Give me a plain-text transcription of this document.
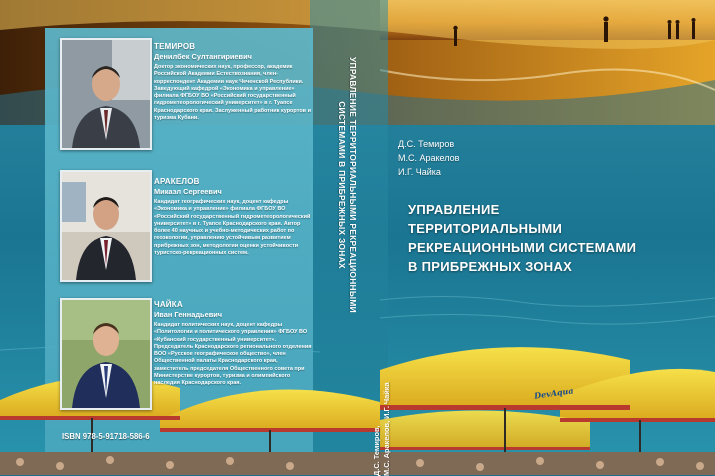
ТЕМИРОВ
Денилбек Султангириевич
Доктор экономических наук, профессор, академик Российской Академии Естествознания, член-корреспондент Академии наук Чеченской Республики. Заведующий кафедрой «Экономика и управление» филиала ФГБОУ ВО «Российский государственный гидрометеорологический университет» в г. Туапсе Краснодарского края. Заслуженный работник курортов и туризма Кубани.
АРАКЕЛОВ
Микаэл Сергеевич
Кандидат географических наук, доцент кафедры «Экономика и управление» филиала ФГБОУ ВО «Российский государственный гидрометеорологический университет» в г. Туапсе Краснодарского края. Автор более 40 научных и учебно-методических работ по геоэкологии, управлению устойчивым развитием прибрежных зон, методологии оценки устойчивости туристско-рекреационных систем.
ЧАЙКА
Иван Геннадьевич
Кандидат политических наук, доцент кафедры «Политологии и политического управления» ФГБОУ ВО «Кубанский государственный университет». Председатель Краснодарского регионального отделения ВОО «Русское географическое общество», член Общественной палаты Краснодарского края, заместитель председателя Общественного совета при Министерстве курортов, туризма и олимпийского наследия Краснодарского края.
ISBN 978-5-91718-586-6
УПРАВЛЕНИЕ ТЕРРИТОРИАЛЬНЫМИ РЕКРЕАЦИОННЫМИ СИСТЕМАМИ В ПРИБРЕЖНЫХ ЗОНАХ
Д.С. Темиров, М.С. Аракелов, И.Г. Чайка
Д.С. Темиров
М.С. Аракелов
И.Г. Чайка
УПРАВЛЕНИЕ
ТЕРРИТОРИАЛЬНЫМИ
РЕКРЕАЦИОННЫМИ СИСТЕМАМИ
В ПРИБРЕЖНЫХ ЗОНАХ
DevAqua
